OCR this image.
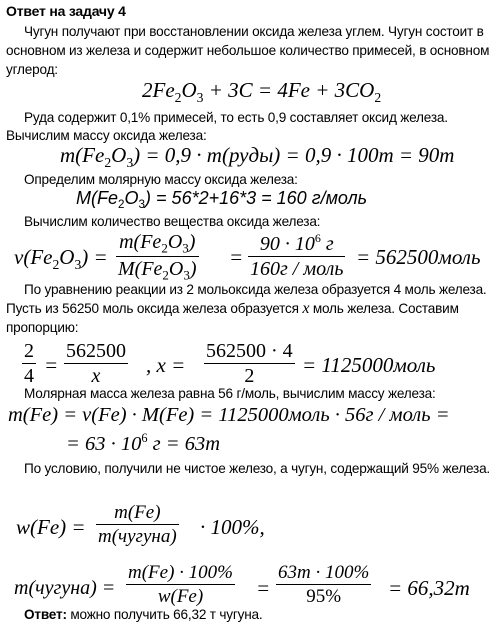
Ответ на задачу 4
Чугун получают при восстановлении оксида железа углем. Чугун состоит в основном из железа и содержит небольшое количество примесей, в основном углерод:
$2Fe_2O_3 + 3C = 4Fe + 3CO_2$
Руда содержит 0,1% примесей, то есть 0,9 составляет оксид железа.
Вычислим массу оксида железа:
$m(Fe_2O_3) = 0,9$ · m(руды) = 0,9 · 100m = 90m
Определим молярную массу оксида железа:
$M(Fe_2O_3) = 56*2+16*3 = 160$ г/моль
Вычислим количество вещества оксида железа:
$\nu(Fe_2O_3)$ =
$m(Fe_2O_3)$
$M(Fe_2O_3)$
=
$90 \cdot 10^6$ г
160г / моль = 562500моль
По уравнению реакции из 2 мольоксида железа образуется 4 моль железа. Пусть из 56250 моль оксида железа образуется x моль железа. Составим пропорцию:
2
4 =
562500
x , x =
562500 · 4
2 = 1125000моль
Молярная масса железа равна 56 г/моль, вычислим массу железа:
m(Fe) = ν(Fe) · M(Fe) = 1125000моль · 56г / моль =
= $63 \cdot 10^6$ г = 63m
По условию, получили не чистое железо, а чугун, содержащий 95% железа.
w(Fe) =
m(Fe)
m(чугуна) · 100%,
m(чугуна) =
m(Fe) · 100%
w(Fe)	=
63m · 100%
95% = 66,32m
Ответ: можно получить 66,32 т чугуна.
